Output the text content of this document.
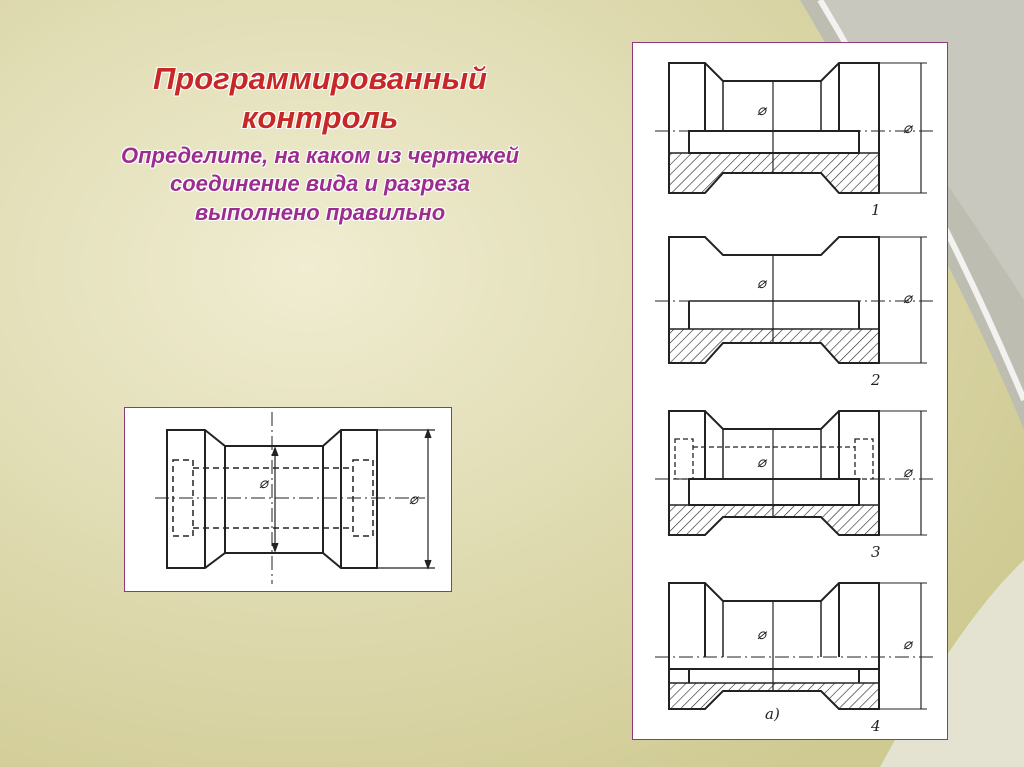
Программированный
контроль

Определите, на каком из чертежей
соединение вида и разреза
выполнено правильно

⌀
⌀
⌀
⌀
1
⌀
⌀
2
⌀
⌀
3
⌀
⌀
а)
4
